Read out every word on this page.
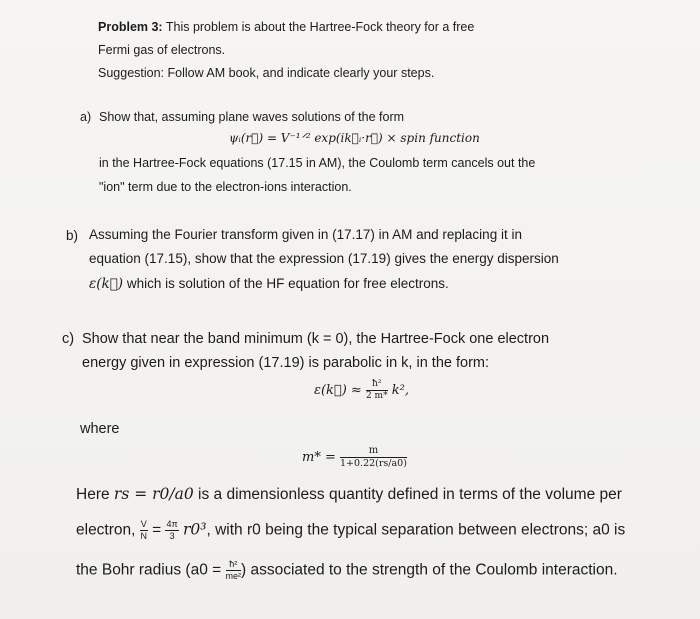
Problem 3: This problem is about the Hartree-Fock theory for a free
Fermi gas of electrons.
Suggestion: Follow AM book, and indicate clearly your steps.
a) Show that, assuming plane waves solutions of the form
ψᵢ(r⃗) = V⁻¹ᐟ² exp(ik⃗ᵢ·r⃗) × spin function
in the Hartree-Fock equations (17.15 in AM), the Coulomb term cancels out the
"ion" term due to the electron-ions interaction.
b) Assuming the Fourier transform given in (17.17) in AM and replacing it in
equation (17.15), show that the expression (17.19) gives the energy dispersion
ε(k⃗) which is solution of the HF equation for free electrons.
c) Show that near the band minimum (k = 0), the Hartree-Fock one electron
energy given in expression (17.19) is parabolic in k, in the form:
ε(k⃗) ≈ $\frac{\text{ħ²}}{2 m*} k^2$,
where
$m* = \frac{m}{1+0.22(rs/a0)}$
Here rs = r0/a0 is a dimensionless quantity defined in terms of the volume per
electron, $\frac{V}{N} = \frac{4\pi}{3} r0^3$, with r0 being the typical separation between electrons; a0 is
the Bohr radius ($a0 = \frac{\text{ħ²}}{\text{me²}}$ ) associated to the strength of the Coulomb interaction.
